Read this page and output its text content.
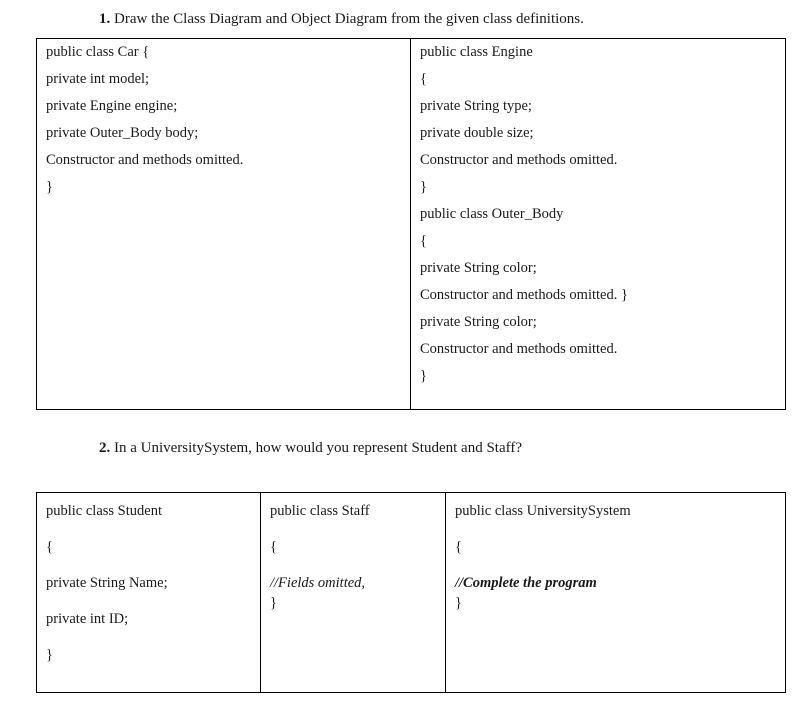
1. Draw the Class Diagram and Object Diagram from the given class definitions.
public class Car {
private int model;
private Engine engine;
private Outer_Body body;
Constructor and methods omitted.
}

public class Engine
{
private String type;
private double size;
Constructor and methods omitted.
}
public class Outer_Body
{
private String color;
Constructor and methods omitted. }
private String color;
Constructor and methods omitted.
}
2. In a UniversitySystem, how would you represent Student and Staff?
public class Student
{
private String Name;
private int ID;
}

public class Staff
{
//Fields omitted,
}

public class UniversitySystem
{
//Complete the program
}
